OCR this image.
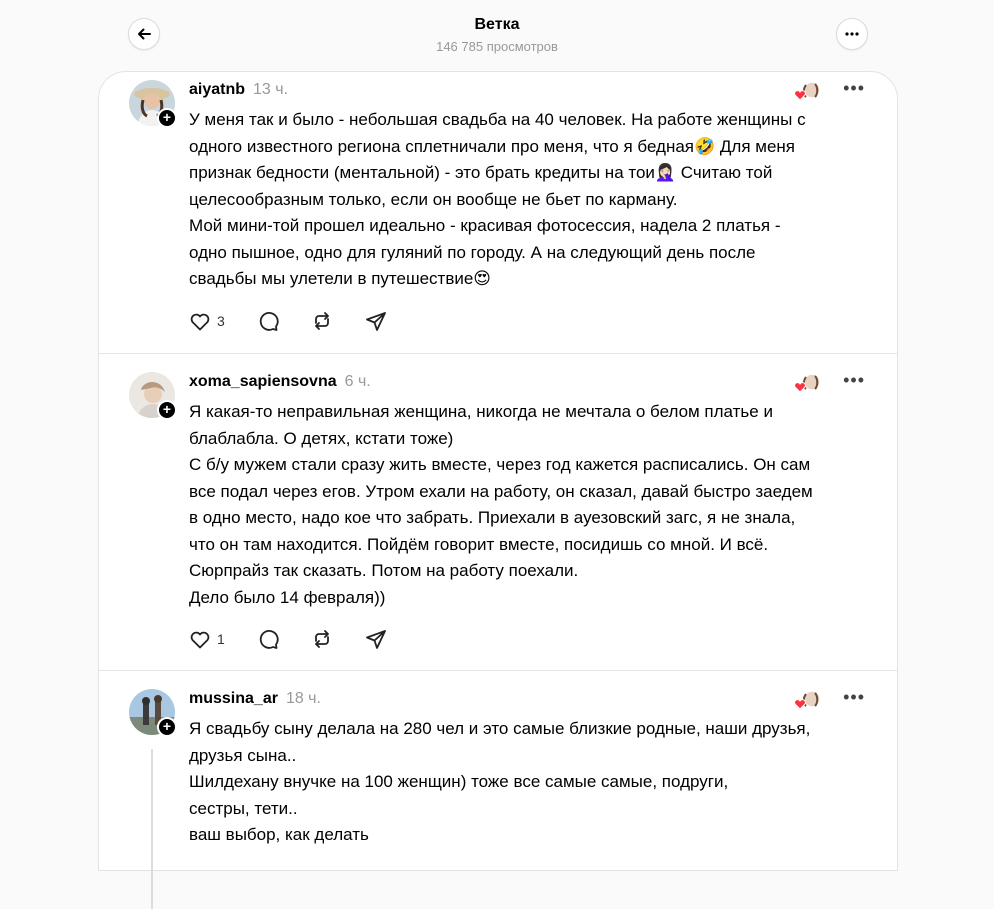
Ветка
146 785 просмотров
+
aiyatnb 13 ч.	•••

У меня так и было - небольшая свадьба на 40 человек. На работе женщины с

одного известного региона сплетничали про меня, что я бедная🤣 Для меня

признак бедности (ментальной) - это брать кредиты на тои🤦🏻‍♀️ Считаю той

целесообразным только, если он вообще не бьет по карману.

Мой мини-той прошел идеально - красивая фотосессия, надела 2 платья -

одно пышное, одно для гуляний по городу. А на следующий день после

свадьбы мы улетели в путешествие😍

3
+
xoma_sapiensovna 6 ч.	•••

Я какая-то неправильная женщина, никогда не мечтала о белом платье и

блаблабла. О детях, кстати тоже)

С б/у мужем стали сразу жить вместе, через год кажется расписались. Он сам

все подал через егов. Утром ехали на работу, он сказал, давай быстро заедем

в одно место, надо кое что забрать. Приехали в ауезовский загс, я не знала,

что он там находится. Пойдём говорит вместе, посидишь со мной. И всё.

Сюрпрайз так сказать. Потом на работу поехали.

Дело было 14 февраля))

1
+
mussina_ar 18 ч.	•••

Я свадьбу сыну делала на 280 чел и это самые близкие родные, наши друзья,

друзья сына..

Шилдехану внучке на 100 женщин) тоже все самые самые, подруги,

сестры, тети..

ваш выбор, как делать
